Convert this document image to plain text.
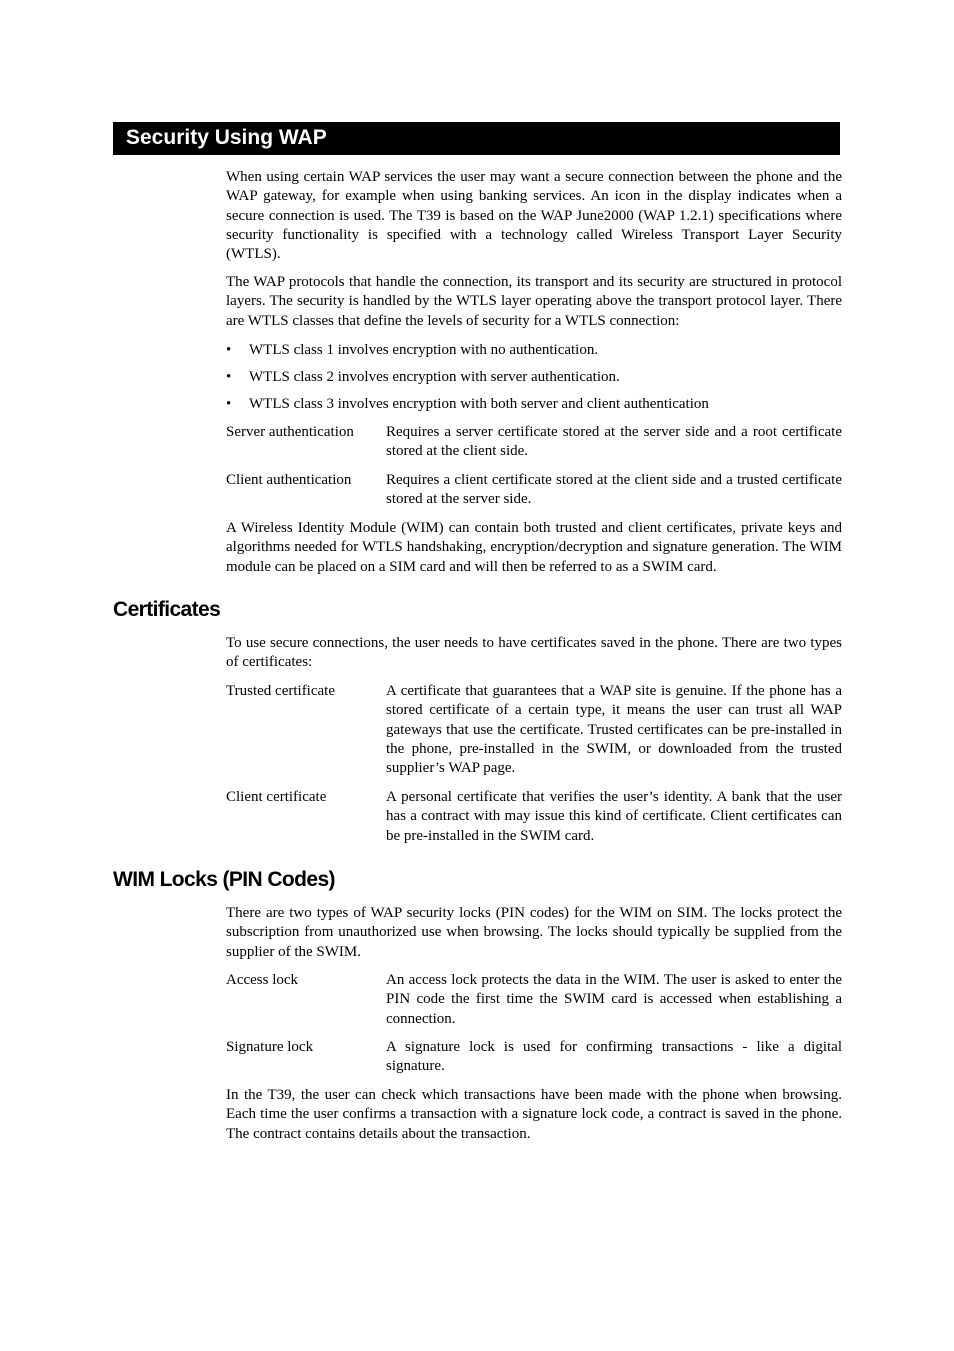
Security Using WAP

When using certain WAP services the user may want a secure connection between the phone and the WAP gateway, for example when using banking services. An icon in the display indicates when a secure connection is used. The T39 is based on the WAP June2000 (WAP 1.2.1) specifications where security functionality is specified with a technology called Wireless Transport Layer Security (WTLS).

The WAP protocols that handle the connection, its transport and its security are structured in protocol layers. The security is handled by the WTLS layer operating above the transport protocol layer. There are WTLS classes that define the levels of security for a WTLS connection:

• WTLS class 1 involves encryption with no authentication.
• WTLS class 2 involves encryption with server authentication.
• WTLS class 3 involves encryption with both server and client authentication
Server authentication	Requires a server certificate stored at the server side and a root certificate stored at the client side.
Client authentication	Requires a client certificate stored at the client side and a trusted certificate stored at the server side.

A Wireless Identity Module (WIM) can contain both trusted and client certificates, private keys and algorithms needed for WTLS handshaking, encryption/decryption and signature generation. The WIM module can be placed on a SIM card and will then be referred to as a SWIM card.

Certificates

To use secure connections, the user needs to have certificates saved in the phone. There are two types of certificates:

Trusted certificate	A certificate that guarantees that a WAP site is genuine. If the phone has a stored certificate of a certain type, it means the user can trust all WAP gateways that use the certificate. Trusted certificates can be pre-installed in the phone, pre-installed in the SWIM, or downloaded from the trusted supplier’s WAP page.
Client certificate	A personal certificate that verifies the user’s identity. A bank that the user has a contract with may issue this kind of certificate. Client certificates can be pre-installed in the SWIM card.
WIM Locks (PIN Codes)

There are two types of WAP security locks (PIN codes) for the WIM on SIM. The locks protect the subscription from unauthorized use when browsing. The locks should typically be supplied from the supplier of the SWIM.

Access lock	An access lock protects the data in the WIM. The user is asked to enter the PIN code the first time the SWIM card is accessed when establishing a connection.
Signature lock	A signature lock is used for confirming transactions - like a digital signature.

In the T39, the user can check which transactions have been made with the phone when browsing. Each time the user confirms a transaction with a signature lock code, a contract is saved in the phone. The contract contains details about the transaction.
